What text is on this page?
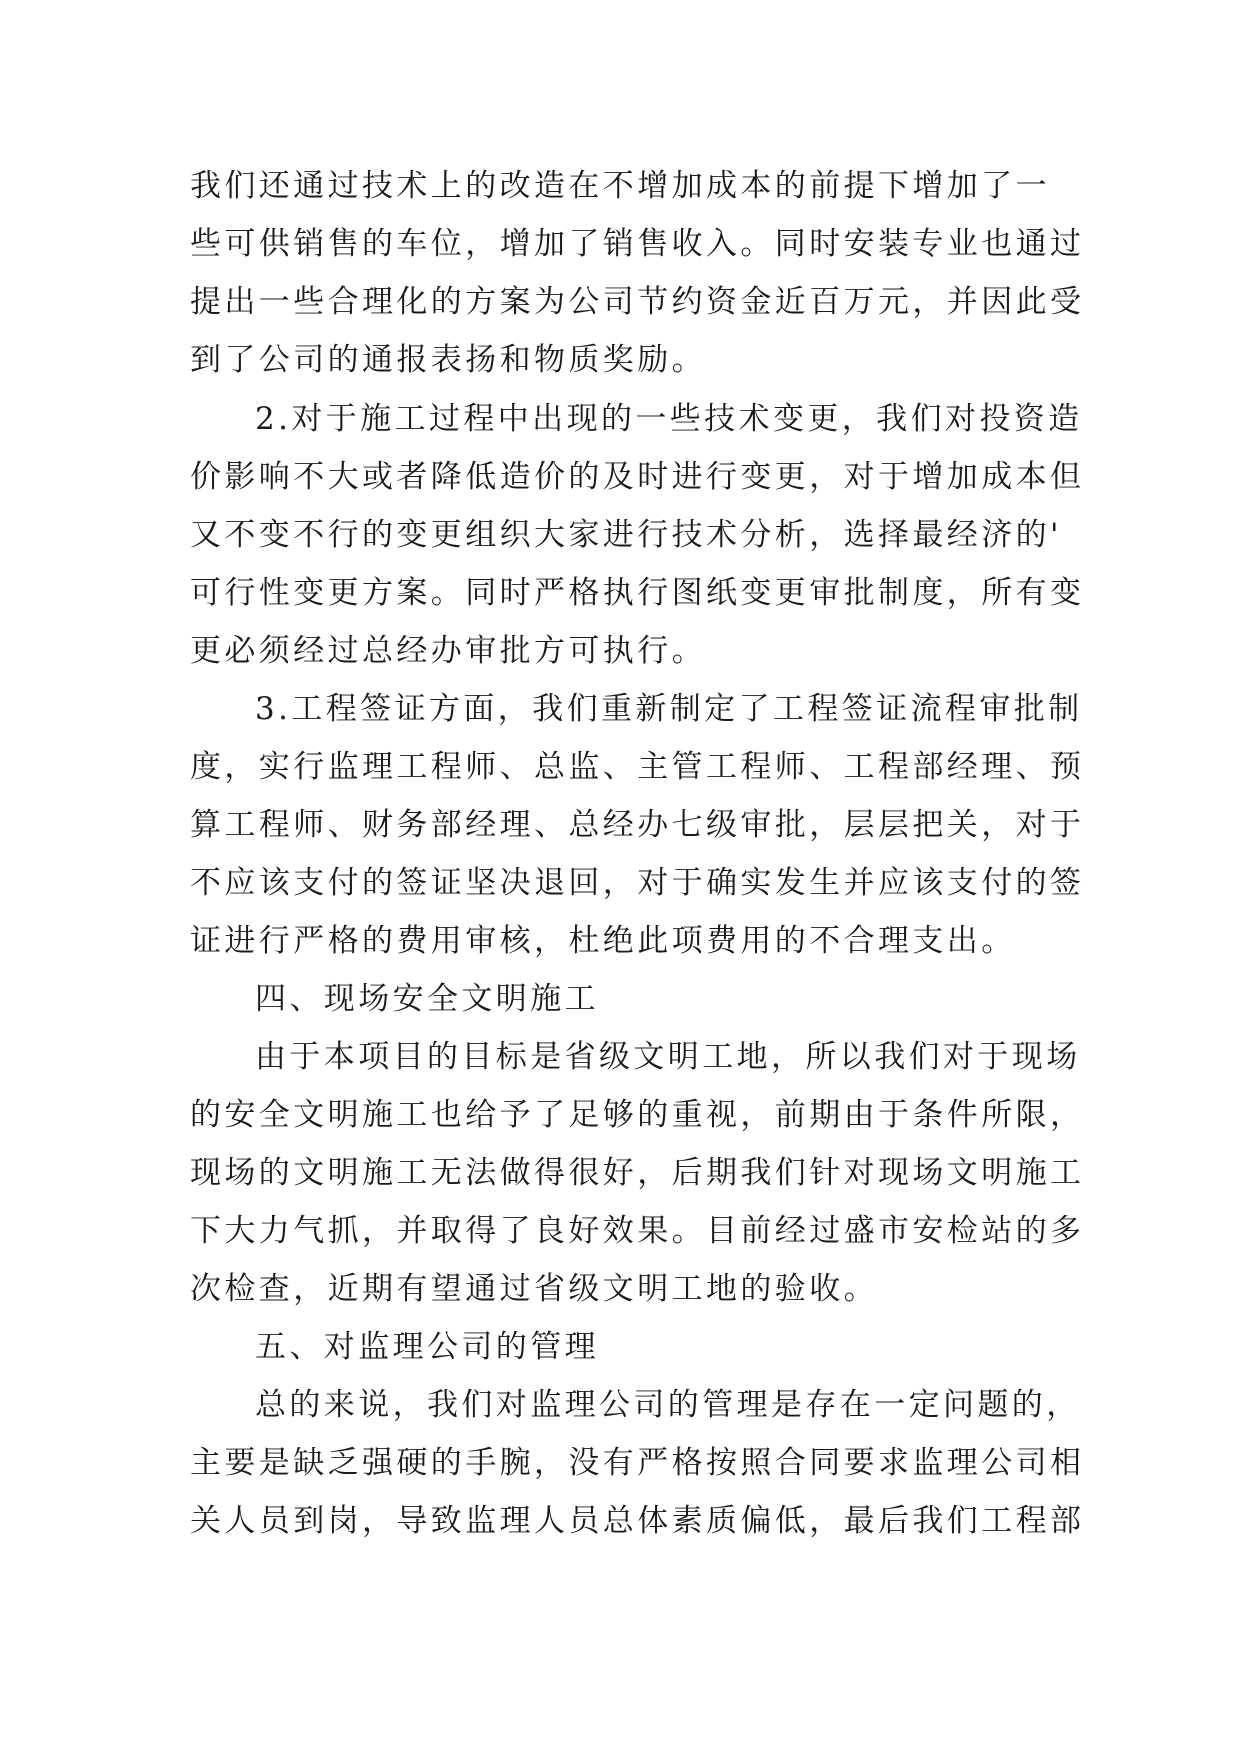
我们还通过技术上的改造在不增加成本的前提下增加了一
些可供销售的车位，增加了销售收入。同时安装专业也通过
提出一些合理化的方案为公司节约资金近百万元，并因此受
到了公司的通报表扬和物质奖励。
2.对于施工过程中出现的一些技术变更，我们对投资造
价影响不大或者降低造价的及时进行变更，对于增加成本但
又不变不行的变更组织大家进行技术分析，选择最经济的'
可行性变更方案。同时严格执行图纸变更审批制度，所有变
更必须经过总经办审批方可执行。
3.工程签证方面，我们重新制定了工程签证流程审批制
度，实行监理工程师、总监、主管工程师、工程部经理、预
算工程师、财务部经理、总经办七级审批，层层把关，对于
不应该支付的签证坚决退回，对于确实发生并应该支付的签
证进行严格的费用审核，杜绝此项费用的不合理支出。
四、现场安全文明施工
由于本项目的目标是省级文明工地，所以我们对于现场
的安全文明施工也给予了足够的重视，前期由于条件所限，
现场的文明施工无法做得很好，后期我们针对现场文明施工
下大力气抓，并取得了良好效果。目前经过盛市安检站的多
次检查，近期有望通过省级文明工地的验收。
五、对监理公司的管理
总的来说，我们对监理公司的管理是存在一定问题的，
主要是缺乏强硬的手腕，没有严格按照合同要求监理公司相
关人员到岗，导致监理人员总体素质偏低，最后我们工程部
